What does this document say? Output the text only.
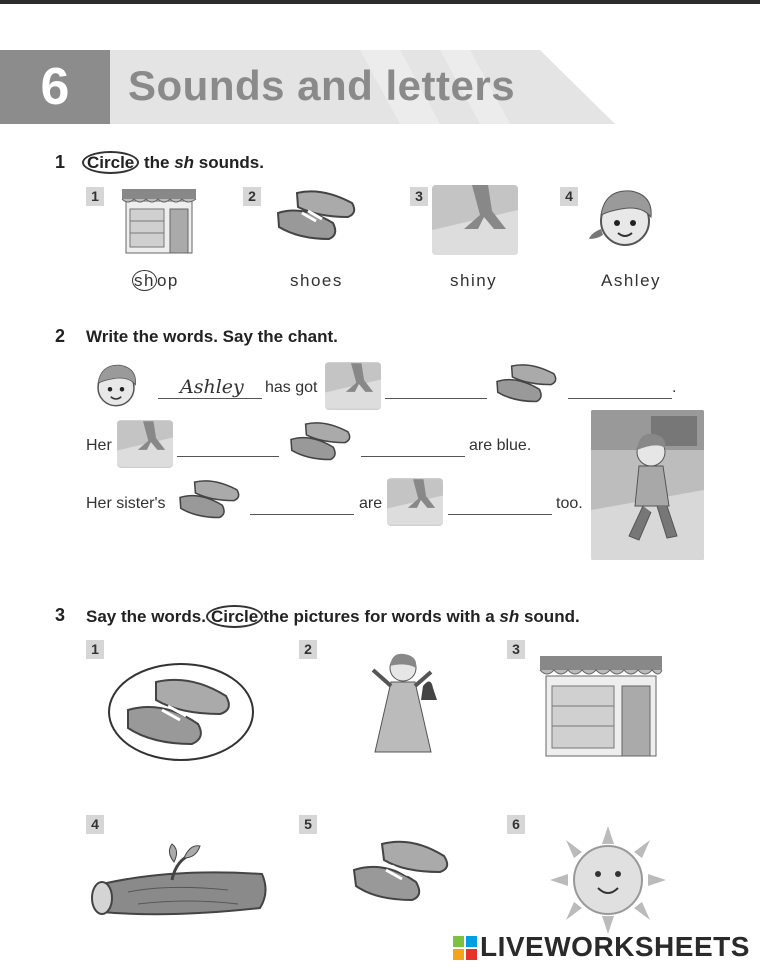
6 Sounds and letters
1 Circle the sh sounds.
1	2	3	4
sh op	shoes	shiny	Ashley
2 Write the words. Say the chant.
Ashley has got	.
Her	are blue.
Her sister's	are	too.
3 Say the words. Circle the pictures for words with a sh sound.
1	2	3
4	5	6
LIVEWORKSHEETS
